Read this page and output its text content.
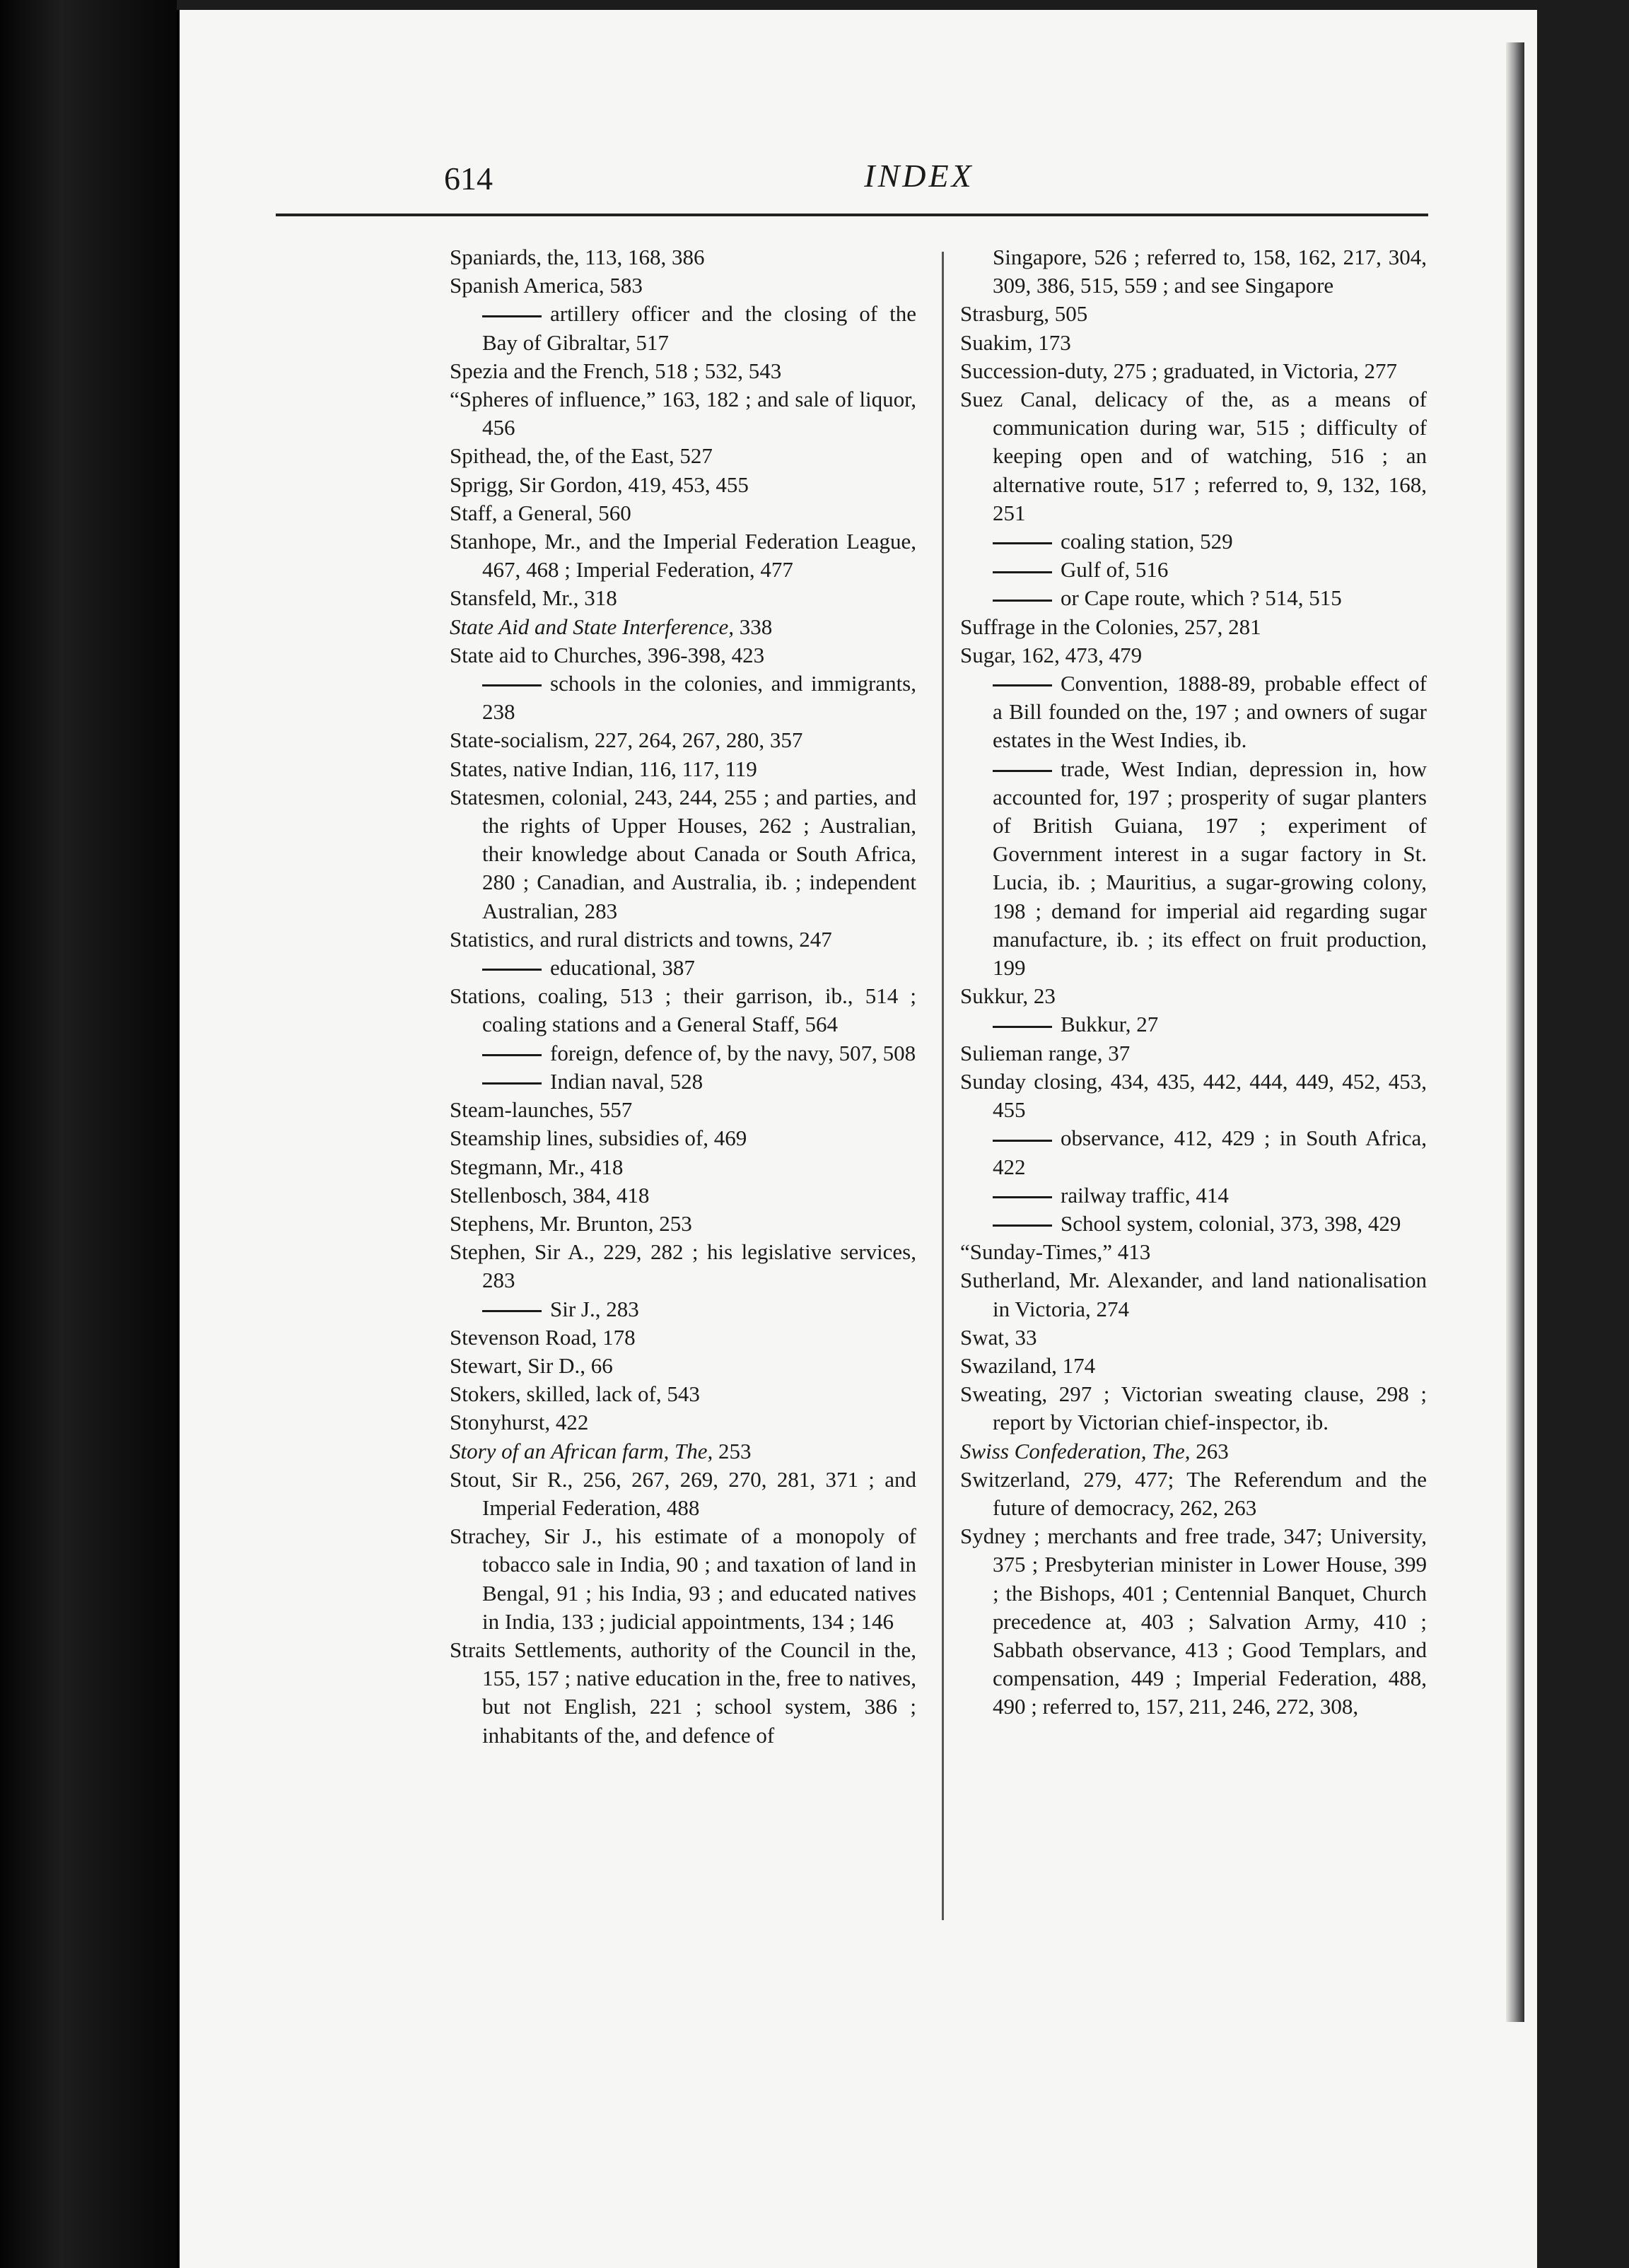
614	INDEX

Spaniards, the, 113, 168, 386

Spanish America, 583

artillery officer and the closing of the Bay of Gibraltar, 517

Spezia and the French, 518 ; 532, 543

“Spheres of influence,” 163, 182 ; and sale of liquor, 456

Spithead, the, of the East, 527

Sprigg, Sir Gordon, 419, 453, 455

Staff, a General, 560

Stanhope, Mr., and the Imperial Federation League, 467, 468 ; Imperial Federation, 477

Stansfeld, Mr., 318

State Aid and State Interference, 338

State aid to Churches, 396-398, 423

schools in the colonies, and immigrants, 238

State-socialism, 227, 264, 267, 280, 357

States, native Indian, 116, 117, 119

Statesmen, colonial, 243, 244, 255 ; and parties, and the rights of Upper Houses, 262 ; Australian, their knowledge about Canada or South Africa, 280 ; Canadian, and Australia, ib. ; independent Australian, 283

Statistics, and rural districts and towns, 247

educational, 387

Stations, coaling, 513 ; their garrison, ib., 514 ; coaling stations and a General Staff, 564

foreign, defence of, by the navy, 507, 508

Indian naval, 528

Steam-launches, 557

Steamship lines, subsidies of, 469

Stegmann, Mr., 418

Stellenbosch, 384, 418

Stephens, Mr. Brunton, 253

Stephen, Sir A., 229, 282 ; his legislative services, 283

Sir J., 283

Stevenson Road, 178

Stewart, Sir D., 66

Stokers, skilled, lack of, 543

Stonyhurst, 422

Story of an African farm, The, 253

Stout, Sir R., 256, 267, 269, 270, 281, 371 ; and Imperial Federation, 488

Strachey, Sir J., his estimate of a monopoly of tobacco sale in India, 90 ; and taxation of land in Bengal, 91 ; his India, 93 ; and educated natives in India, 133 ; judicial appointments, 134 ; 146

Straits Settlements, authority of the Council in the, 155, 157 ; native education in the, free to natives, but not English, 221 ; school system, 386 ; inhabitants of the, and defence of

Singapore, 526 ; referred to, 158, 162, 217, 304, 309, 386, 515, 559 ; and see Singapore

Strasburg, 505

Suakim, 173

Succession-duty, 275 ; graduated, in Victoria, 277

Suez Canal, delicacy of the, as a means of communication during war, 515 ; difficulty of keeping open and of watching, 516 ; an alternative route, 517 ; referred to, 9, 132, 168, 251

coaling station, 529

Gulf of, 516

or Cape route, which ? 514, 515

Suffrage in the Colonies, 257, 281

Sugar, 162, 473, 479

Convention, 1888-89, probable effect of a Bill founded on the, 197 ; and owners of sugar estates in the West Indies, ib.

trade, West Indian, depression in, how accounted for, 197 ; prosperity of sugar planters of British Guiana, 197 ; experiment of Government interest in a sugar factory in St. Lucia, ib. ; Mauritius, a sugar-growing colony, 198 ; demand for imperial aid regarding sugar manufacture, ib. ; its effect on fruit production, 199

Sukkur, 23

Bukkur, 27

Sulieman range, 37

Sunday closing, 434, 435, 442, 444, 449, 452, 453, 455

observance, 412, 429 ; in South Africa, 422

railway traffic, 414

School system, colonial, 373, 398, 429

“Sunday-Times,” 413

Sutherland, Mr. Alexander, and land nationalisation in Victoria, 274

Swat, 33

Swaziland, 174

Sweating, 297 ; Victorian sweating clause, 298 ; report by Victorian chief-inspector, ib.

Swiss Confederation, The, 263

Switzerland, 279, 477; The Referendum and the future of democracy, 262, 263

Sydney ; merchants and free trade, 347; University, 375 ; Presbyterian minister in Lower House, 399 ; the Bishops, 401 ; Centennial Banquet, Church precedence at, 403 ; Salvation Army, 410 ; Sabbath observance, 413 ; Good Templars, and compensation, 449 ; Imperial Federation, 488, 490 ; referred to, 157, 211, 246, 272, 308,
